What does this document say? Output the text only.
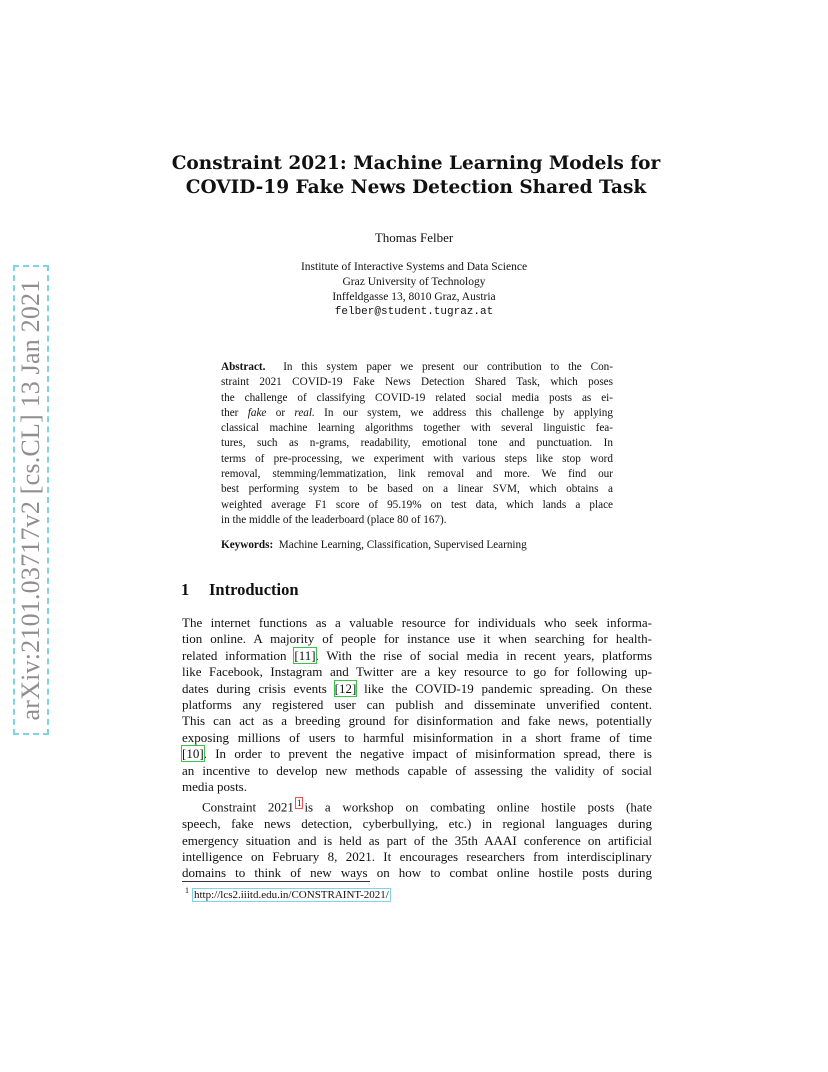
arXiv:2101.03717v2 [cs.CL] 13 Jan 2021
Constraint 2021: Machine Learning Models for
COVID-19 Fake News Detection Shared Task
Thomas Felber
Institute of Interactive Systems and Data Science
Graz University of Technology
Inffeldgasse 13, 8010 Graz, Austria
felber@student.tugraz.at
Abstract. In this system paper we present our contribution to the Con-
straint 2021 COVID-19 Fake News Detection Shared Task, which poses
the challenge of classifying COVID-19 related social media posts as ei-
ther fake or real. In our system, we address this challenge by applying
classical machine learning algorithms together with several linguistic fea-
tures, such as n-grams, readability, emotional tone and punctuation. In
terms of pre-processing, we experiment with various steps like stop word
removal, stemming/lemmatization, link removal and more. We find our
best performing system to be based on a linear SVM, which obtains a
weighted average F1 score of 95.19% on test data, which lands a place
in the middle of the leaderboard (place 80 of 167).
Keywords: Machine Learning, Classification, Supervised Learning
1 Introduction
The internet functions as a valuable resource for individuals who seek informa-
tion online. A majority of people for instance use it when searching for health-
related information [11]. With the rise of social media in recent years, platforms
like Facebook, Instagram and Twitter are a key resource to go for following up-
dates during crisis events [12] like the COVID-19 pandemic spreading. On these
platforms any registered user can publish and disseminate unverified content.
This can act as a breeding ground for disinformation and fake news, potentially
exposing millions of users to harmful misinformation in a short frame of time
[10]. In order to prevent the negative impact of misinformation spread, there is
an incentive to develop new methods capable of assessing the validity of social
media posts.
Constraint 2021 $^1$ is a workshop on combating online hostile posts (hate
speech, fake news detection, cyberbullying, etc.) in regional languages during
emergency situation and is held as part of the 35th AAAI conference on artificial
intelligence on February 8, 2021. It encourages researchers from interdisciplinary
domains to think of new ways on how to combat online hostile posts during
$^1$ http://lcs2.iiitd.edu.in/CONSTRAINT-2021/
